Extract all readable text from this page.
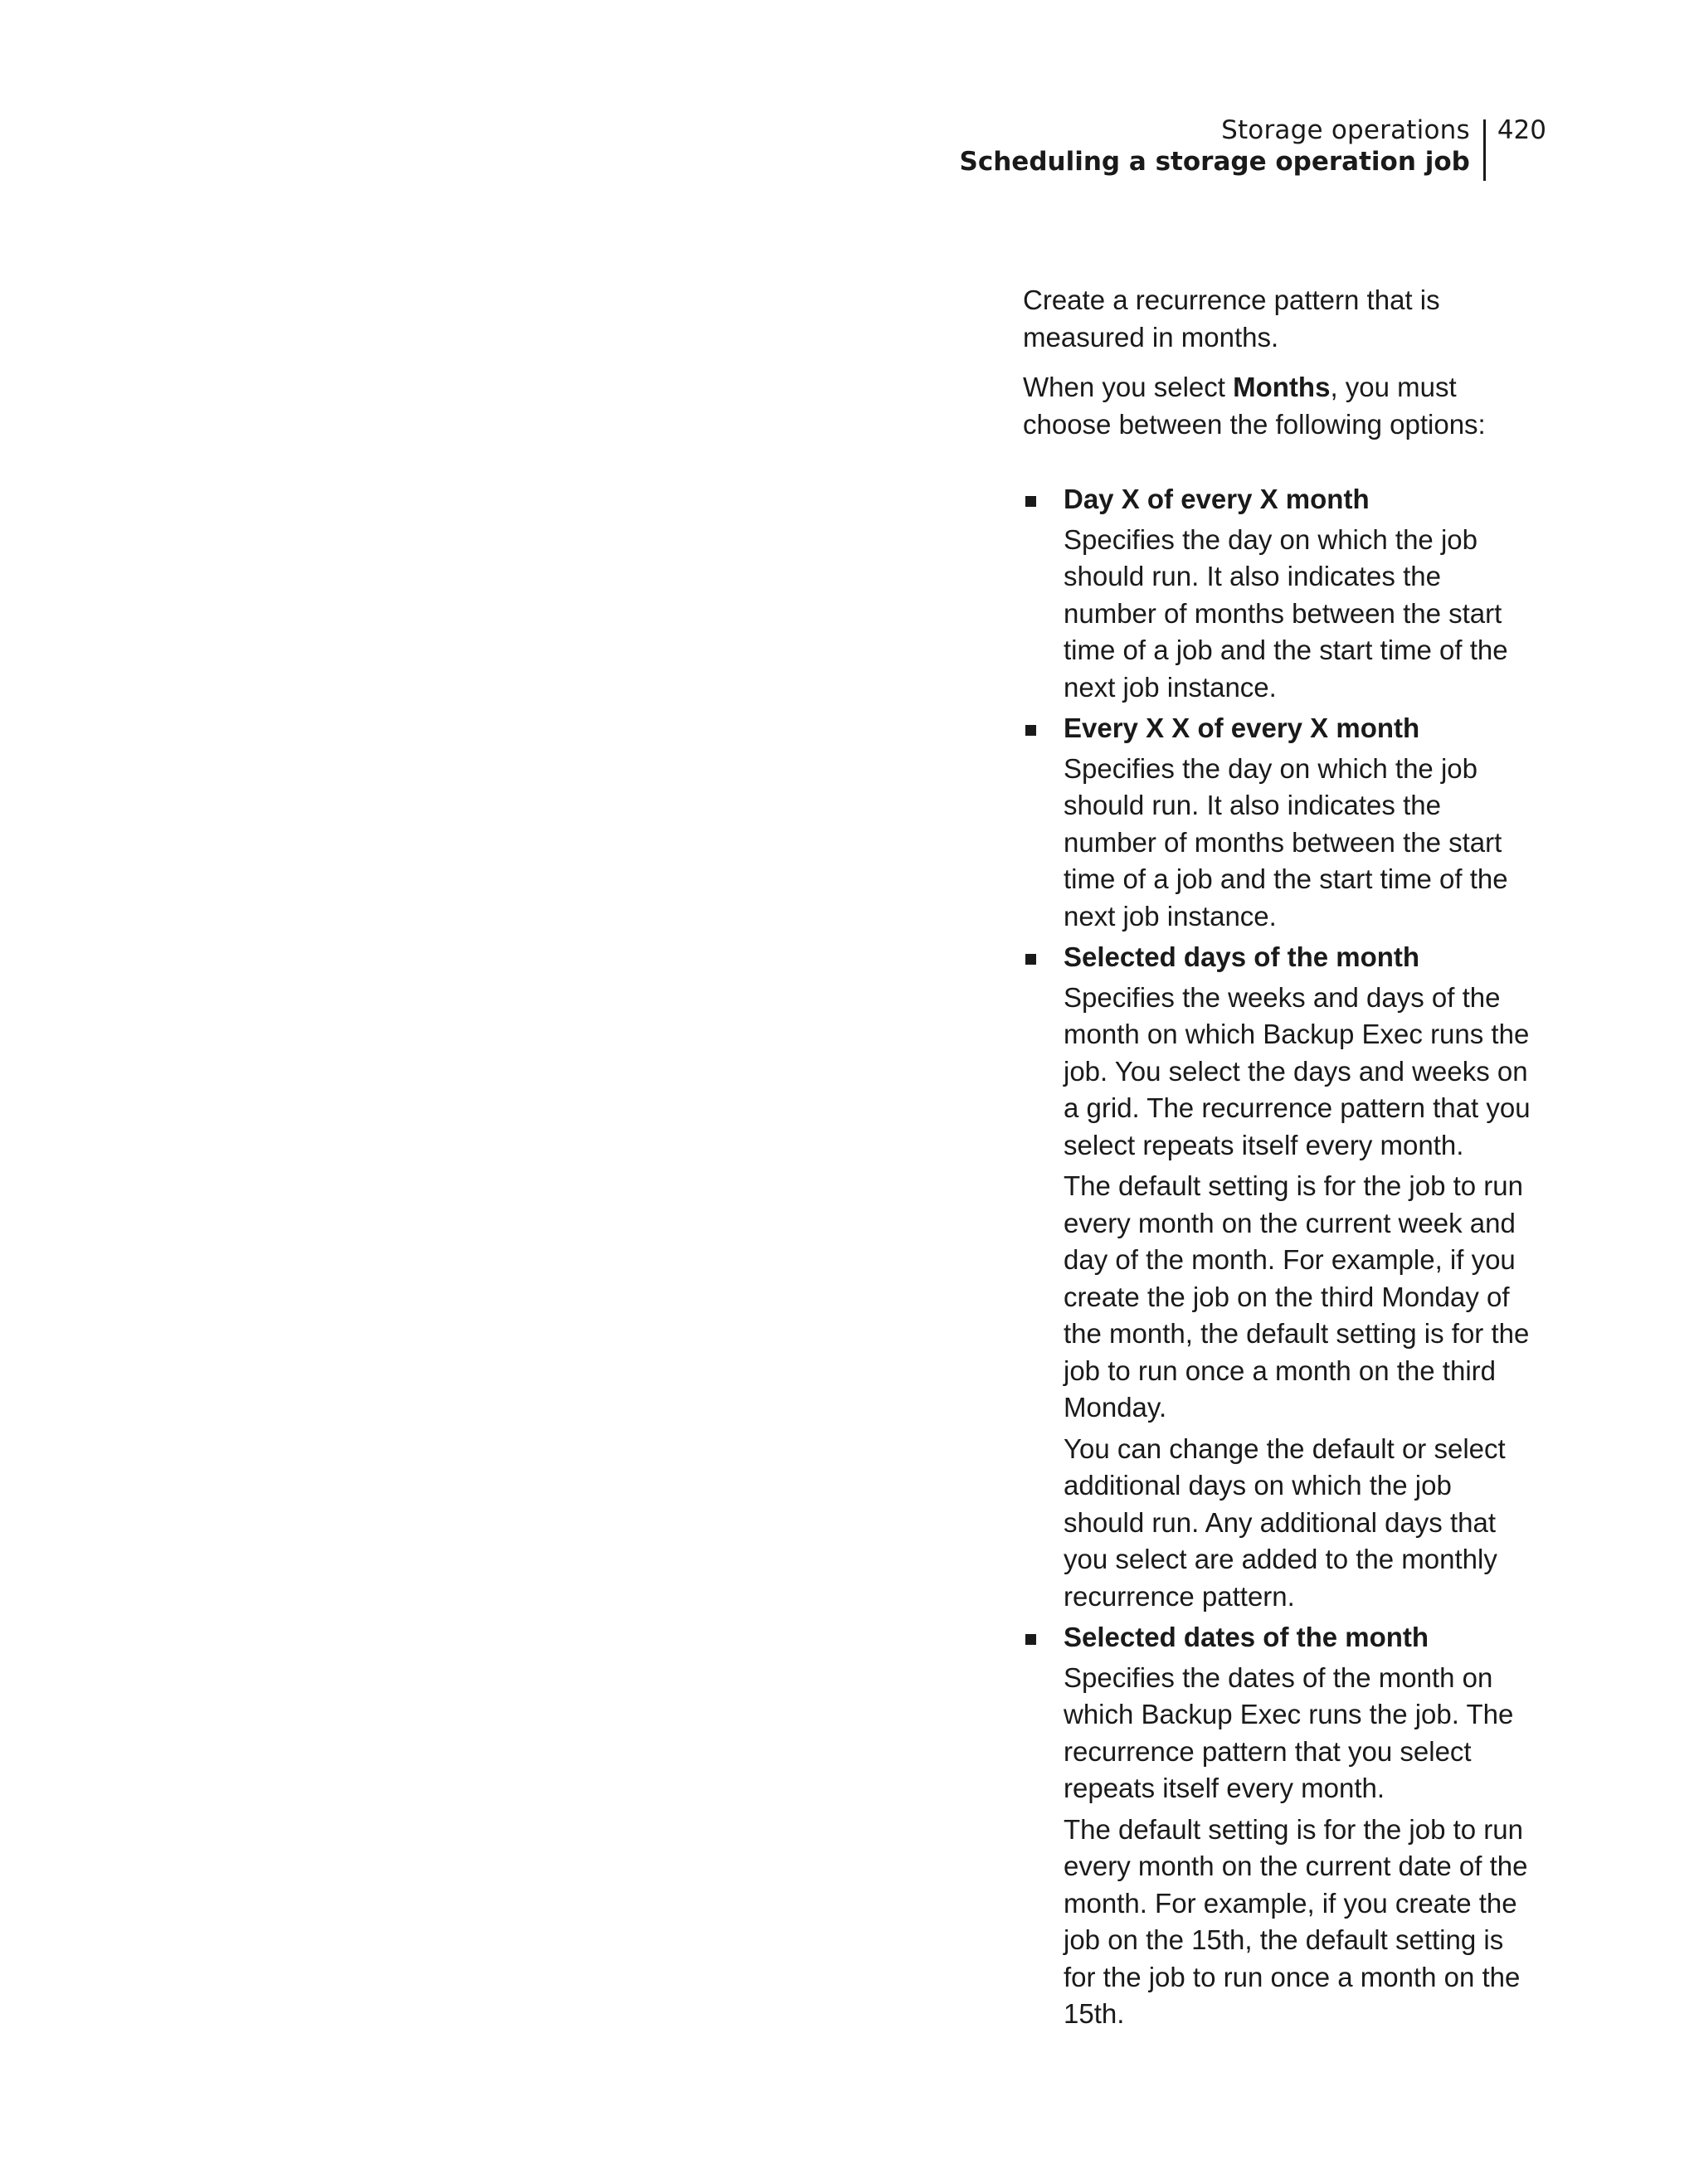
Storage operations
Scheduling a storage operation job
420

Create a recurrence pattern that is measured in months.

When you select Months, you must choose between the following options:

Day X of every X month
Specifies the day on which the job should run. It also indicates the number of months between the start time of a job and the start time of the next job instance.
Every X X of every X month
Specifies the day on which the job should run. It also indicates the number of months between the start time of a job and the start time of the next job instance.
Selected days of the month
Specifies the weeks and days of the month on which Backup Exec runs the job. You select the days and weeks on a grid. The recurrence pattern that you select repeats itself every month.
The default setting is for the job to run every month on the current week and day of the month. For example, if you create the job on the third Monday of the month, the default setting is for the job to run once a month on the third Monday.
You can change the default or select additional days on which the job should run. Any additional days that you select are added to the monthly recurrence pattern.
Selected dates of the month
Specifies the dates of the month on which Backup Exec runs the job. The recurrence pattern that you select repeats itself every month.
The default setting is for the job to run every month on the current date of the month. For example, if you create the job on the 15th, the default setting is for the job to run once a month on the 15th.
